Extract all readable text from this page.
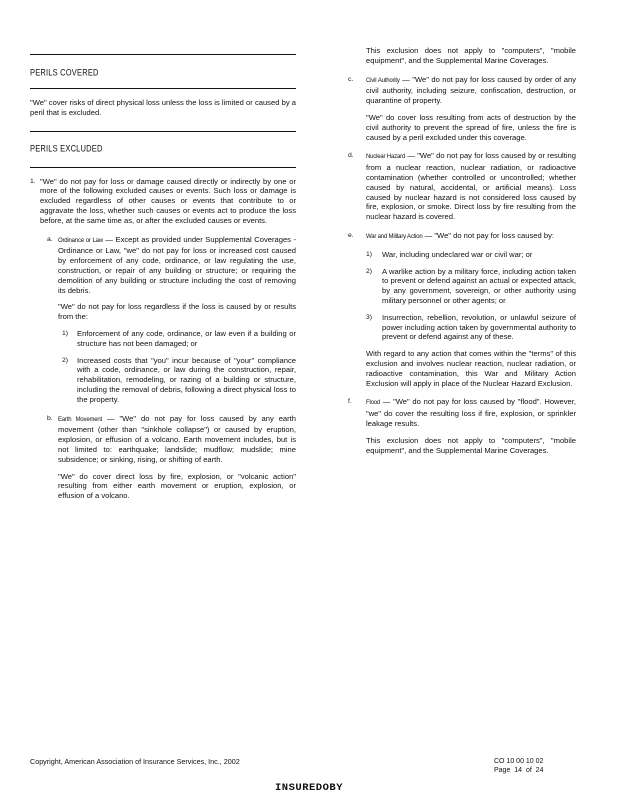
PERILS COVERED

"We" cover risks of direct physical loss unless the loss is limited or caused by a peril that is excluded.

PERILS EXCLUDED
1. "We" do not pay for loss or damage caused directly or indirectly by one or more of the following excluded causes or events. Such loss or damage is excluded regardless of other causes or events that contribute to or aggravate the loss, whether such causes or events act to produce the loss before, at the same time as, or after the excluded causes or events.

a. Ordinance or Law — Except as provided under Supplemental Coverages - Ordinance or Law, "we" do not pay for loss or increased cost caused by enforcement of any code, ordinance, or law regulating the use, construction, or repair of any building or structure; or requiring the demolition of any building or structure including the cost of removing its debris.

"We" do not pay for loss regardless if the loss is caused by or results from the:

1) Enforcement of any code, ordinance, or law even if a building or structure has not been damaged; or

2) Increased costs that "you" incur because of "your" compliance with a code, ordinance, or law during the construction, repair, rehabilitation, remodeling, or razing of a building or structure, including the removal of debris, following a direct physical loss to the property.

b. Earth Movement — "We" do not pay for loss caused by any earth movement (other than "sinkhole collapse") or caused by eruption, explosion, or effusion of a volcano. Earth movement includes, but is not limited to: earthquake; landslide; mudflow; mudslide; mine subsidence; or sinking, rising, or shifting of earth.

"We" do cover direct loss by fire, explosion, or "volcanic action" resulting from either earth movement or eruption, explosion, or effusion of a volcano.

This exclusion does not apply to "computers", "mobile equipment", and the Supplemental Marine Coverages.

c. Civil Authority — "We" do not pay for loss caused by order of any civil authority, including seizure, confiscation, destruction, or quarantine of property.

"We" do cover loss resulting from acts of destruction by the civil authority to prevent the spread of fire, unless the fire is caused by a peril excluded under this coverage.

d. Nuclear Hazard — "We" do not pay for loss caused by or resulting from a nuclear reaction, nuclear radiation, or radioactive contamination (whether controlled or uncontrolled; whether caused by natural, accidental, or artificial means). Loss caused by nuclear hazard is not considered loss caused by fire, explosion, or smoke. Direct loss by fire resulting from the nuclear hazard is covered.

e. War and Military Action — "We" do not pay for loss caused by:

1) War, including undeclared war or civil war; or

2) A warlike action by a military force, including action taken to prevent or defend against an actual or expected attack, by any government, sovereign, or other authority using military personnel or other agents; or

3) Insurrection, rebellion, revolution, or unlawful seizure of power including action taken by governmental authority to prevent or defend against any of these.

With regard to any action that comes within the "terms" of this exclusion and involves nuclear reaction, nuclear radiation, or radioactive contamination, this War and Military Action Exclusion will apply in place of the Nuclear Hazard Exclusion.

f. Flood — "We" do not pay for loss caused by "flood". However, "we" do cover the resulting loss if fire, explosion, or sprinkler leakage results.

This exclusion does not apply to "computers", "mobile equipment", and the Supplemental Marine Coverages.

Copyright, American Association of Insurance Services, Inc., 2002	CO 10 00 10 02
Page 14 of 24
INSUREDOBY
